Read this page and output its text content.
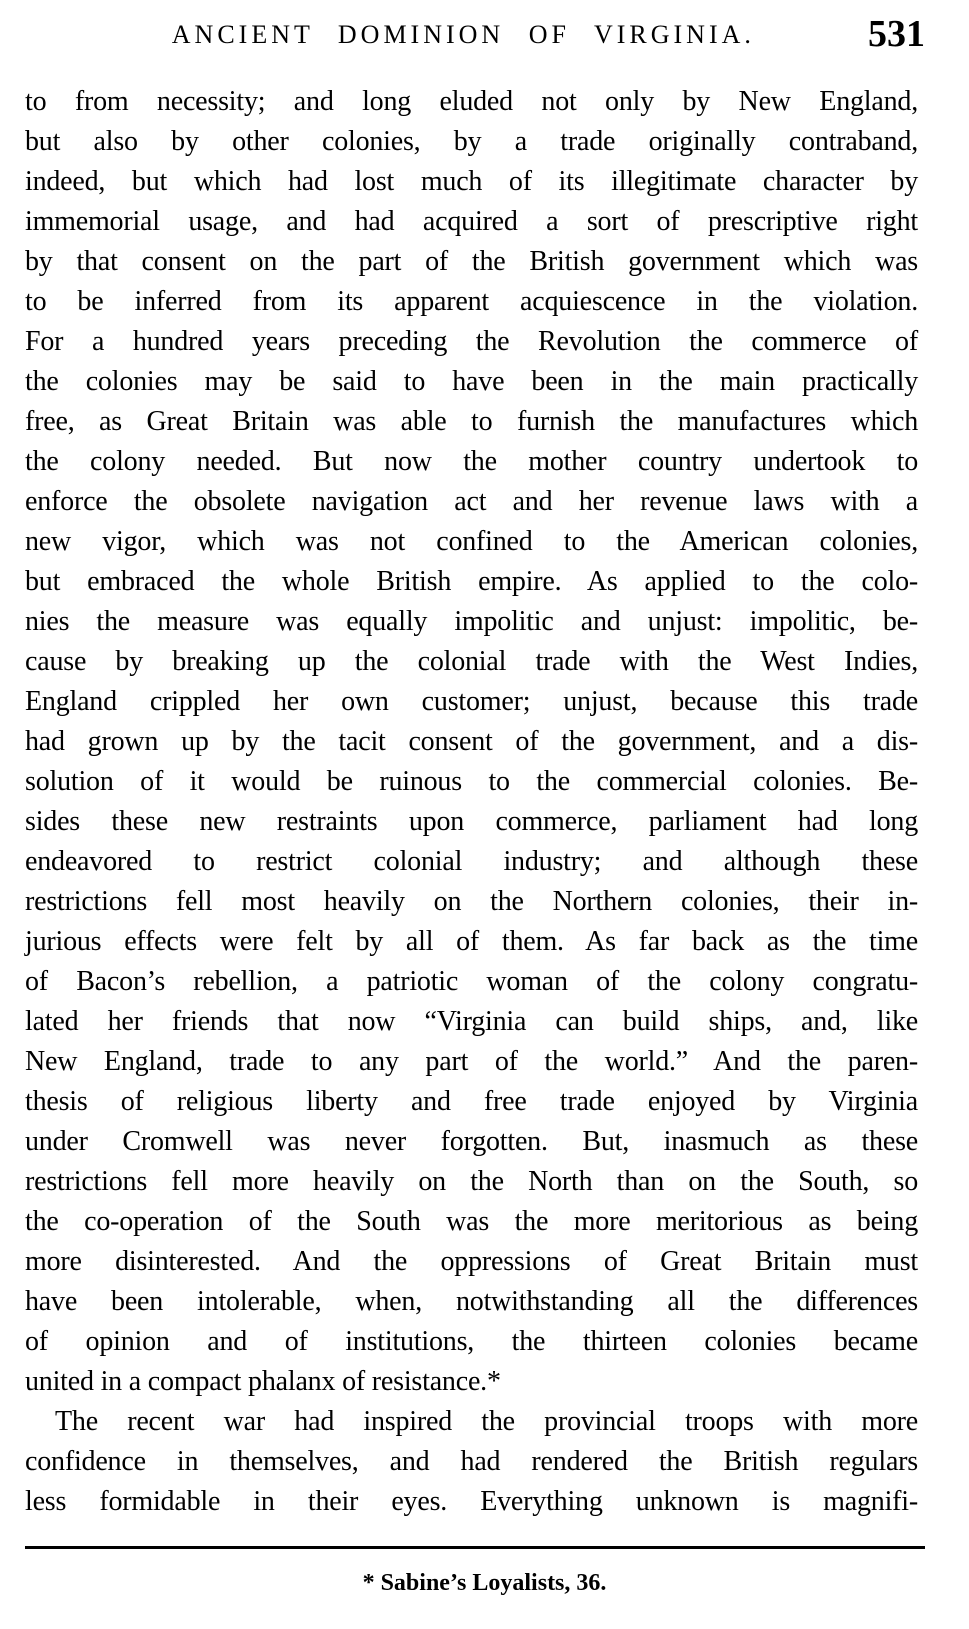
ANCIENT DOMINION OF VIRGINIA.	531
to from necessity; and long eluded not only by New England,
but also by other colonies, by a trade originally contraband,
indeed, but which had lost much of its illegitimate character by
immemorial usage, and had acquired a sort of prescriptive right
by that consent on the part of the British government which was
to be inferred from its apparent acquiescence in the violation.
For a hundred years preceding the Revolution the commerce of
the colonies may be said to have been in the main practically
free, as Great Britain was able to furnish the manufactures which
the colony needed. But now the mother country undertook to
enforce the obsolete navigation act and her revenue laws with a
new vigor, which was not confined to the American colonies,
but embraced the whole British empire. As applied to the colo-
nies the measure was equally impolitic and unjust: impolitic, be-
cause by breaking up the colonial trade with the West Indies,
England crippled her own customer; unjust, because this trade
had grown up by the tacit consent of the government, and a dis-
solution of it would be ruinous to the commercial colonies. Be-
sides these new restraints upon commerce, parliament had long
endeavored to restrict colonial industry; and although these
restrictions fell most heavily on the Northern colonies, their in-
jurious effects were felt by all of them. As far back as the time
of Bacon’s rebellion, a patriotic woman of the colony congratu-
lated her friends that now “Virginia can build ships, and, like
New England, trade to any part of the world.” And the paren-
thesis of religious liberty and free trade enjoyed by Virginia
under Cromwell was never forgotten. But, inasmuch as these
restrictions fell more heavily on the North than on the South, so
the co-operation of the South was the more meritorious as being
more disinterested. And the oppressions of Great Britain must
have been intolerable, when, notwithstanding all the differences
of opinion and of institutions, the thirteen colonies became
united in a compact phalanx of resistance.*
The recent war had inspired the provincial troops with more
confidence in themselves, and had rendered the British regulars
less formidable in their eyes. Everything unknown is magnifi-
* Sabine’s Loyalists, 36.
